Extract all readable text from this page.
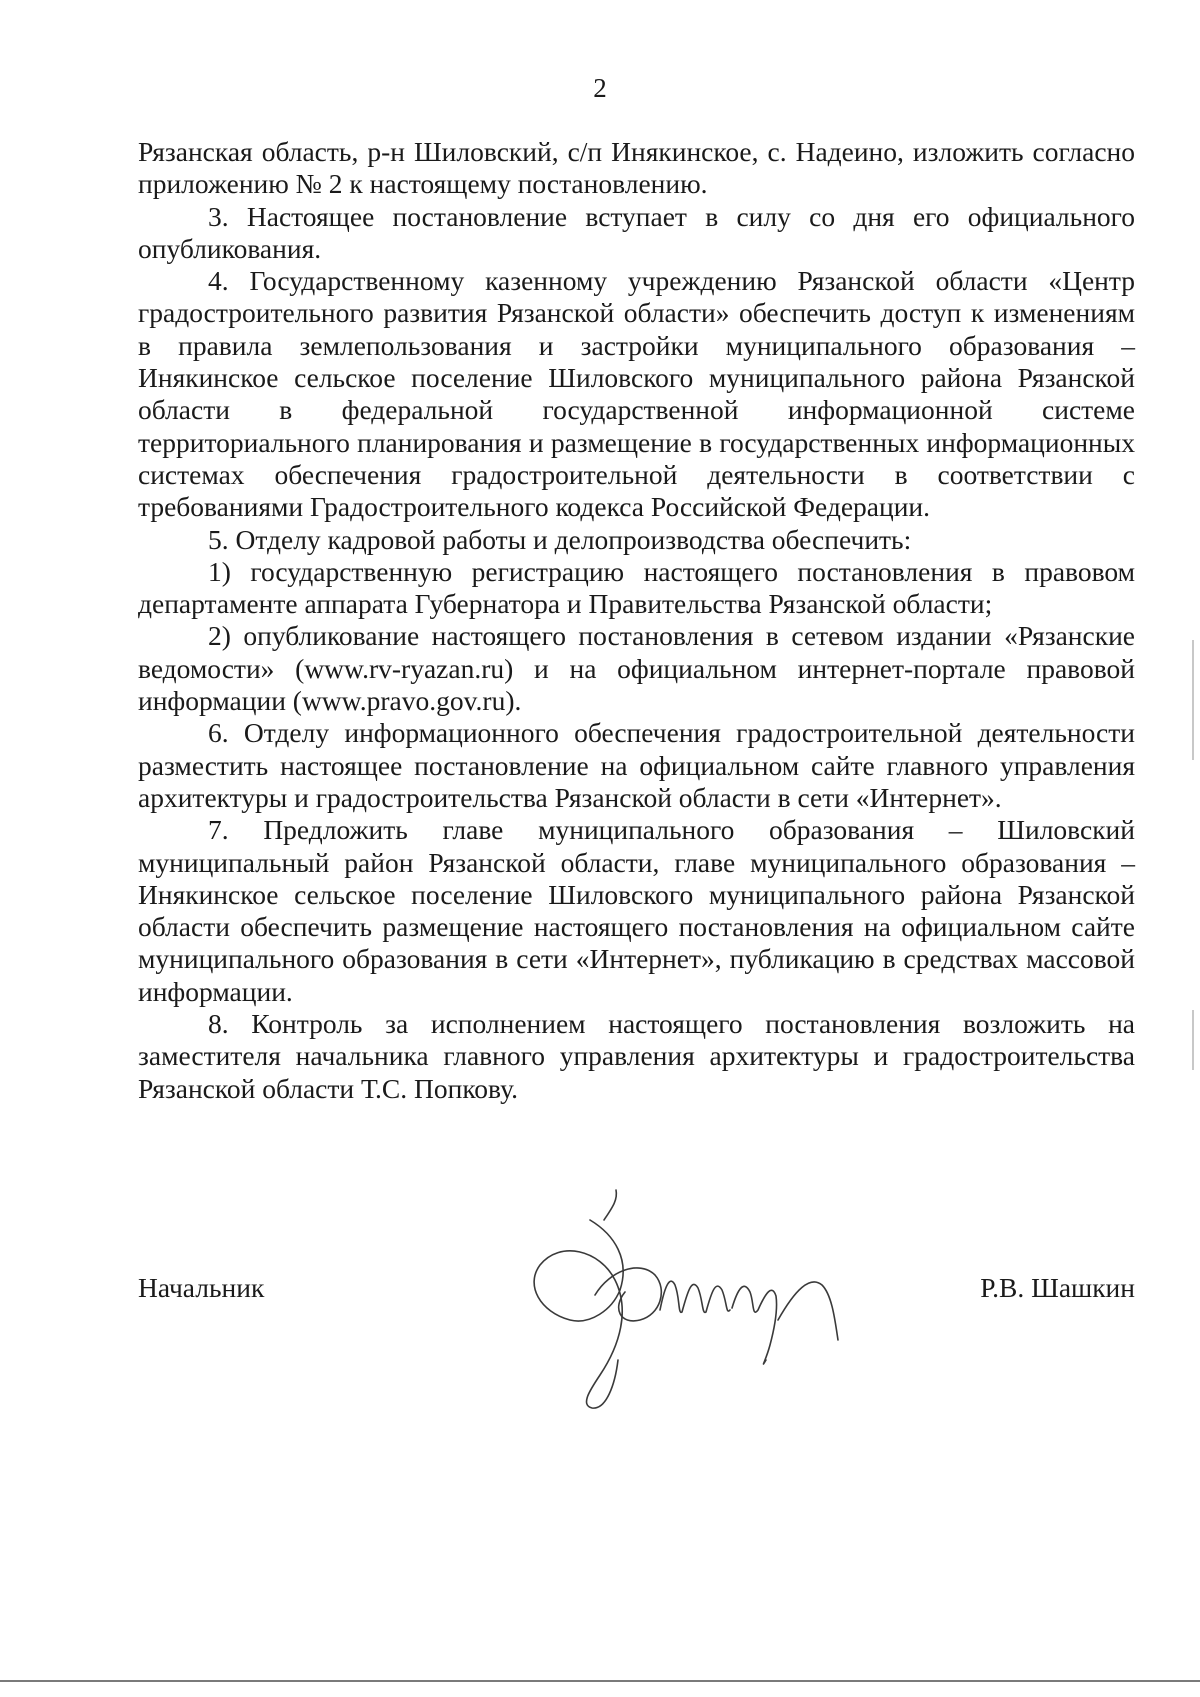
2

Рязанская область, р-н Шиловский, с/п Инякинское, с. Надеино, изложить согласно приложению № 2 к настоящему постановлению.

3. Настоящее постановление вступает в силу со дня его официального опубликования.

4. Государственному казенному учреждению Рязанской области «Центр градостроительного развития Рязанской области» обеспечить доступ к изменениям в правила землепользования и застройки муниципального образования – Инякинское сельское поселение Шиловского муниципального района Рязанской области в федеральной государственной информационной системе территориального планирования и размещение в государственных информационных системах обеспечения градостроительной деятельности в соответствии с требованиями Градостроительного кодекса Российской Федерации.

5. Отделу кадровой работы и делопроизводства обеспечить:

1) государственную регистрацию настоящего постановления в правовом департаменте аппарата Губернатора и Правительства Рязанской области;

2) опубликование настоящего постановления в сетевом издании «Рязанские ведомости» (www.rv-ryazan.ru) и на официальном интернет-портале правовой информации (www.pravo.gov.ru).

6. Отделу информационного обеспечения градостроительной деятельности разместить настоящее постановление на официальном сайте главного управления архитектуры и градостроительства Рязанской области в сети «Интернет».

7. Предложить главе муниципального образования – Шиловский муниципальный район Рязанской области, главе муниципального образования – Инякинское сельское поселение Шиловского муниципального района Рязанской области обеспечить размещение настоящего постановления на официальном сайте муниципального образования в сети «Интернет», публикацию в средствах массовой информации.

8. Контроль за исполнением настоящего постановления возложить на заместителя начальника главного управления архитектуры и градостроительства Рязанской области Т.С. Попкову.

Начальник	Р.В. Шашкин
